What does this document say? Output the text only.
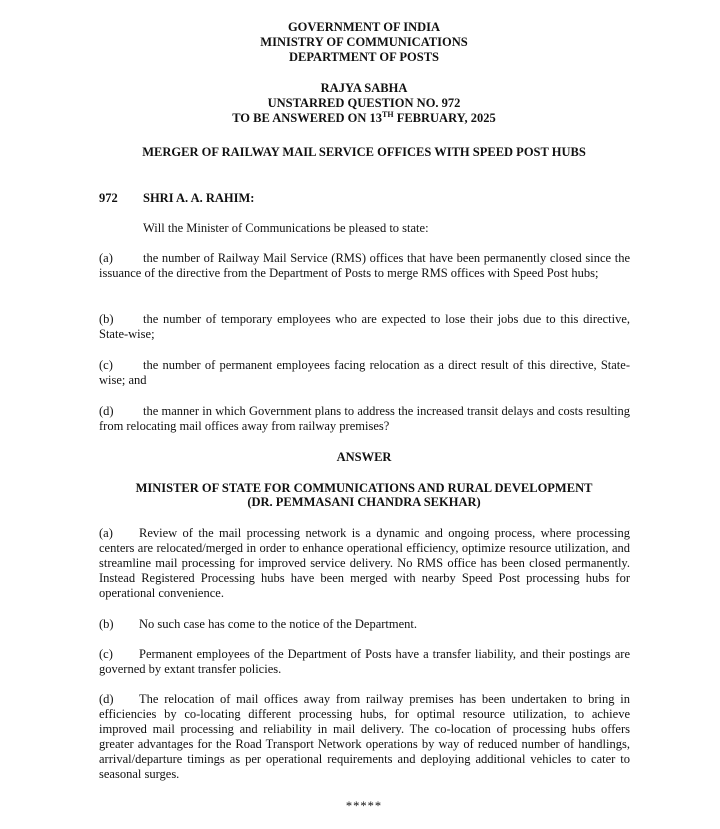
GOVERNMENT OF INDIA
MINISTRY OF COMMUNICATIONS
DEPARTMENT OF POSTS
RAJYA SABHA
UNSTARRED QUESTION NO. 972
TO BE ANSWERED ON 13TH FEBRUARY, 2025
MERGER OF RAILWAY MAIL SERVICE OFFICES WITH SPEED POST HUBS
972 SHRI A. A. RAHIM:
Will the Minister of Communications be pleased to state:
(a) the number of Railway Mail Service (RMS) offices that have been permanently closed since the issuance of the directive from the Department of Posts to merge RMS offices with Speed Post hubs;
(b) the number of temporary employees who are expected to lose their jobs due to this directive, State-wise;
(c) the number of permanent employees facing relocation as a direct result of this directive, State-wise; and
(d) the manner in which Government plans to address the increased transit delays and costs resulting from relocating mail offices away from railway premises?
ANSWER
MINISTER OF STATE FOR COMMUNICATIONS AND RURAL DEVELOPMENT
(DR. PEMMASANI CHANDRA SEKHAR)
(a) Review of the mail processing network is a dynamic and ongoing process, where processing centers are relocated/merged in order to enhance operational efficiency, optimize resource utilization, and streamline mail processing for improved service delivery. No RMS office has been closed permanently. Instead Registered Processing hubs have been merged with nearby Speed Post processing hubs for operational convenience.
(b) No such case has come to the notice of the Department.
(c) Permanent employees of the Department of Posts have a transfer liability, and their postings are governed by extant transfer policies.
(d) The relocation of mail offices away from railway premises has been undertaken to bring in efficiencies by co-locating different processing hubs, for optimal resource utilization, to achieve improved mail processing and reliability in mail delivery. The co-location of processing hubs offers greater advantages for the Road Transport Network operations by way of reduced number of handlings, arrival/departure timings as per operational requirements and deploying additional vehicles to cater to seasonal surges.
*****
